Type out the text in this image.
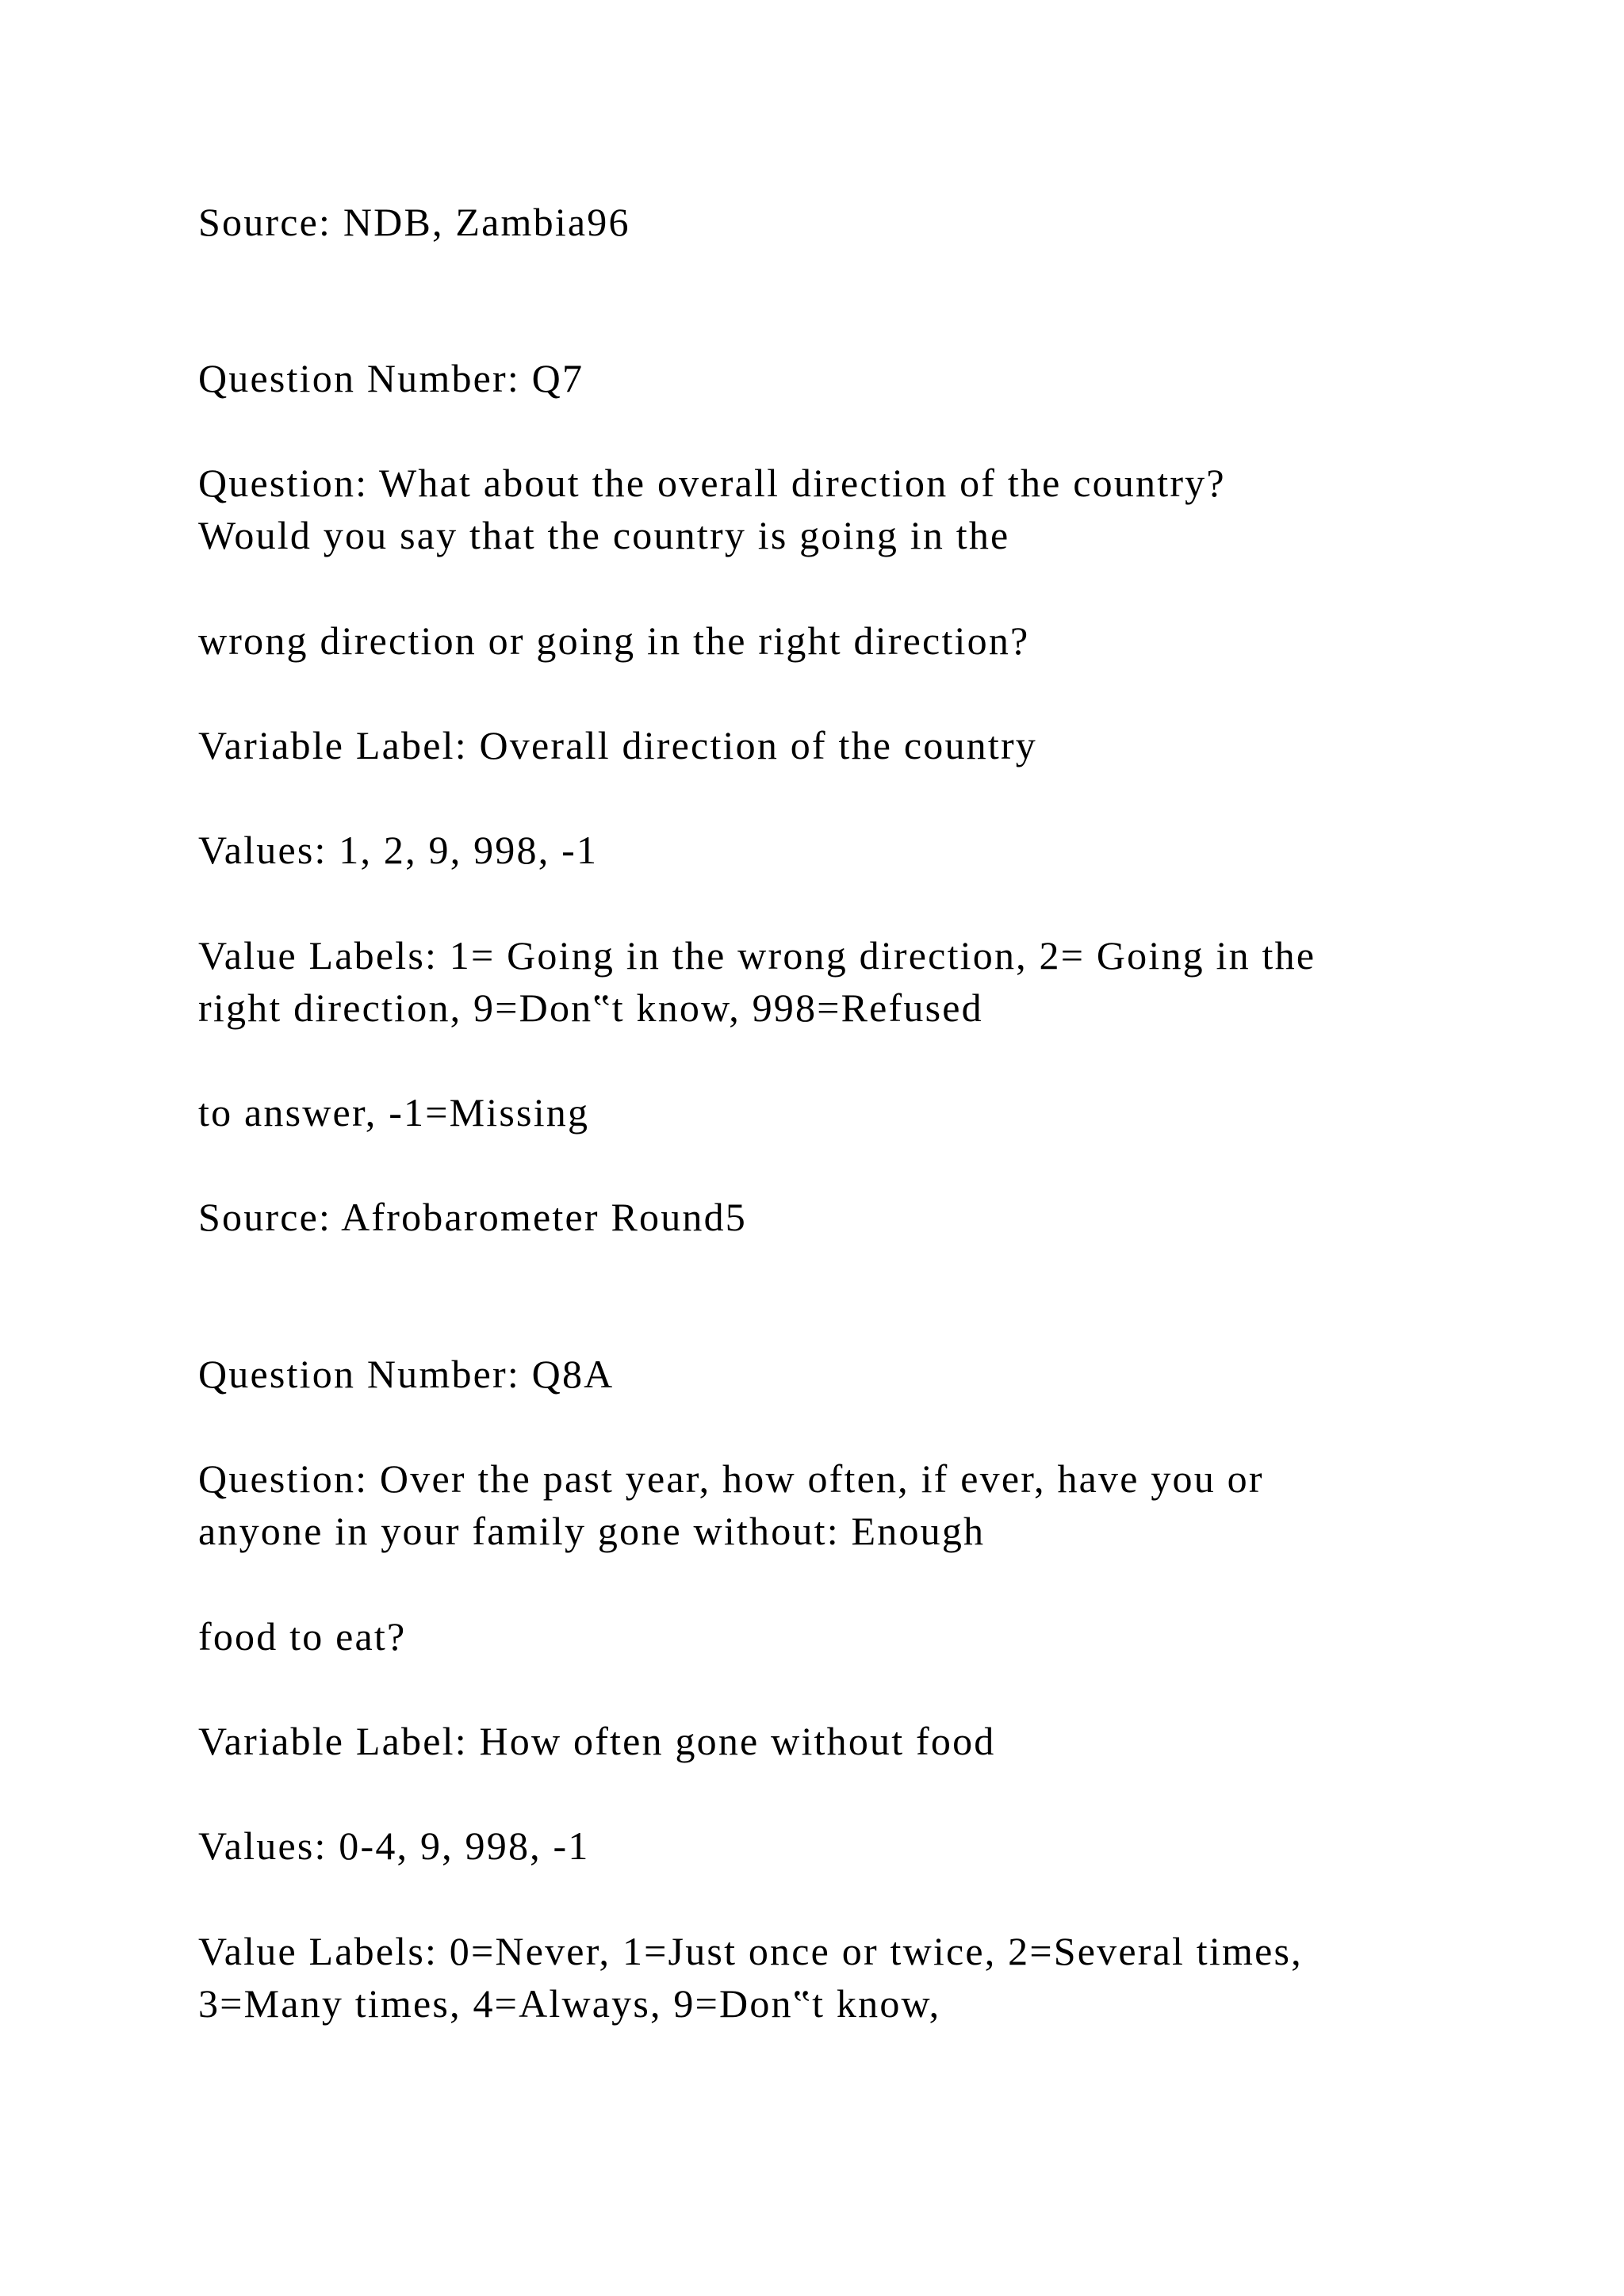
Source: NDB, Zambia96

Question Number: Q7

Question: What about the overall direction of the country?

Would you say that the country is going in the

wrong direction or going in the right direction?

Variable Label: Overall direction of the country

Values: 1, 2, 9, 998, -1

Value Labels: 1= Going in the wrong direction, 2= Going in the

right direction, 9=Don‟t know, 998=Refused

to answer, -1=Missing

Source: Afrobarometer Round5

Question Number: Q8A

Question: Over the past year, how often, if ever, have you or

anyone in your family gone without: Enough

food to eat?

Variable Label: How often gone without food

Values: 0-4, 9, 998, -1

Value Labels: 0=Never, 1=Just once or twice, 2=Several times,

3=Many times, 4=Always, 9=Don‟t know,
